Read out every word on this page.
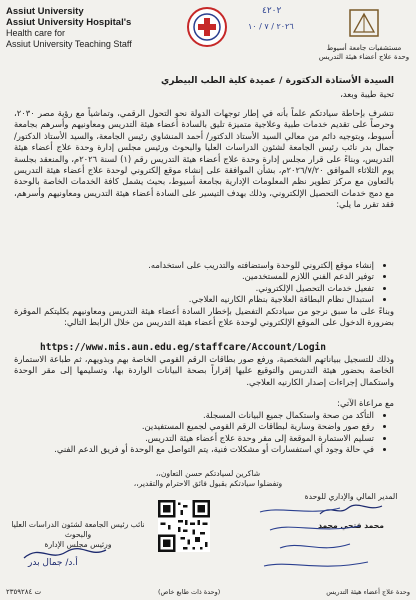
Assiut University
Assiut University Hospital's
Health care for
Assiut University Teaching Staff
٤٢٠٢
٢٠٢٦ / ٧ / ١٠
مستشفيات جامعة أسيوط
وحدة علاج أعضاء هيئة التدريس
السيدة الأستاذة الدكتورة / عميدة كلية الطب البيطري
تحية طيبة وبعد،
نتشرف بإحاطة سيادتكم علماً بأنه في إطار توجهات الدولة نحو التحول الرقمي، وتماشياً مع رؤية مصر ٢٠٣٠، وحرصاً على تقديم خدمات طبية وعلاجية متميزة تليق بالسادة أعضاء هيئة التدريس ومعاونيهم وأسرهم بجامعة أسيوط، وبتوجيه دائم من معالي السيد الأستاذ الدكتور/ أحمد المنشاوي رئيس الجامعة، والسيد الأستاذ الدكتور/ جمال بدر نائب رئيس الجامعة لشئون الدراسات العليا والبحوث ورئيس مجلس إدارة وحدة علاج أعضاء هيئة التدريس، وبناءً على قرار مجلس إدارة وحدة علاج أعضاء هيئة التدريس رقم (١) لسنة ٢٠٢٦م، والمنعقد بجلسة يوم الثلاثاء الموافق ٢٠٢٦/٧/٢٠م، بشأن الموافقة على إنشاء موقع إلكتروني لوحدة علاج أعضاء هيئة التدريس بالتعاون مع مركز تطوير نظم المعلومات الإدارية بجامعة أسيوط، بحيث يشمل كافة الخدمات الخاصة بالوحدة مع دمج خدمات التحصيل الإلكتروني، وذلك بهدف التيسير على السادة أعضاء هيئة التدريس ومعاونيهم وأسرهم، فقد تقرر ما يلي:
• إنشاء موقع إلكتروني للوحدة واستضافته والتدريب على استخدامه.
• توفير الدعم الفني اللازم للمستخدمين.
• تفعيل خدمات التحصيل الإلكتروني.
• استبدال نظام البطاقة العلاجية بنظام الكارنيه العلاجي.
وبناءً على ما سبق نرجو من سيادتكم التفضيل بإخطار السادة أعضاء هيئة التدريس ومعاونيهم بكليتكم الموقرة بضرورة الدخول على الموقع الإلكتروني لوحدة علاج أعضاء هيئة التدريس من خلال الرابط التالي:
https://www.mis.aun.edu.eg/staffcare/Account/Login
وذلك للتسجيل ببياناتهم الشخصية، ورفع صور بطاقات الرقم القومي الخاصة بهم وبذويهم، ثم طباعة الاستمارة الخاصة بحضور هيئة التدريس والتوقيع عليها إقراراً بصحة البيانات الواردة بها، وتسليمها إلى مقر الوحدة واستكمال إجراءات إصدار الكارنيه العلاجي.
مع مراعاة الآتي:
• التأكد من صحة واستكمال جميع البيانات المسجلة.
• رفع صور واضحة وسارية لبطاقات الرقم القومي لجميع المستفيدين.
• تسليم الاستمارة الموقعة إلى مقر وحدة علاج أعضاء هيئة التدريس.
• في حالة وجود أي استفسارات أو مشكلات فنية، يتم التواصل مع الوحدة أو فريق الدعم الفني.
شاكرين لسيادتكم حسن التعاون،،
وتفضلوا سيادتكم بقبول فائق الاحترام والتقدير،،
المدير المالي والإداري للوحدة
محمد فتحي محمد
نائب رئيس الجامعة لشئون الدراسات العليا والبحوث
ورئيس مجلس الإدارة
أ.د/ جمال بدر
وحدة علاج أعضاء هيئة التدريس
(وحدة ذات طابع خاص)
ت ٢٣٥٩٢٨٤
